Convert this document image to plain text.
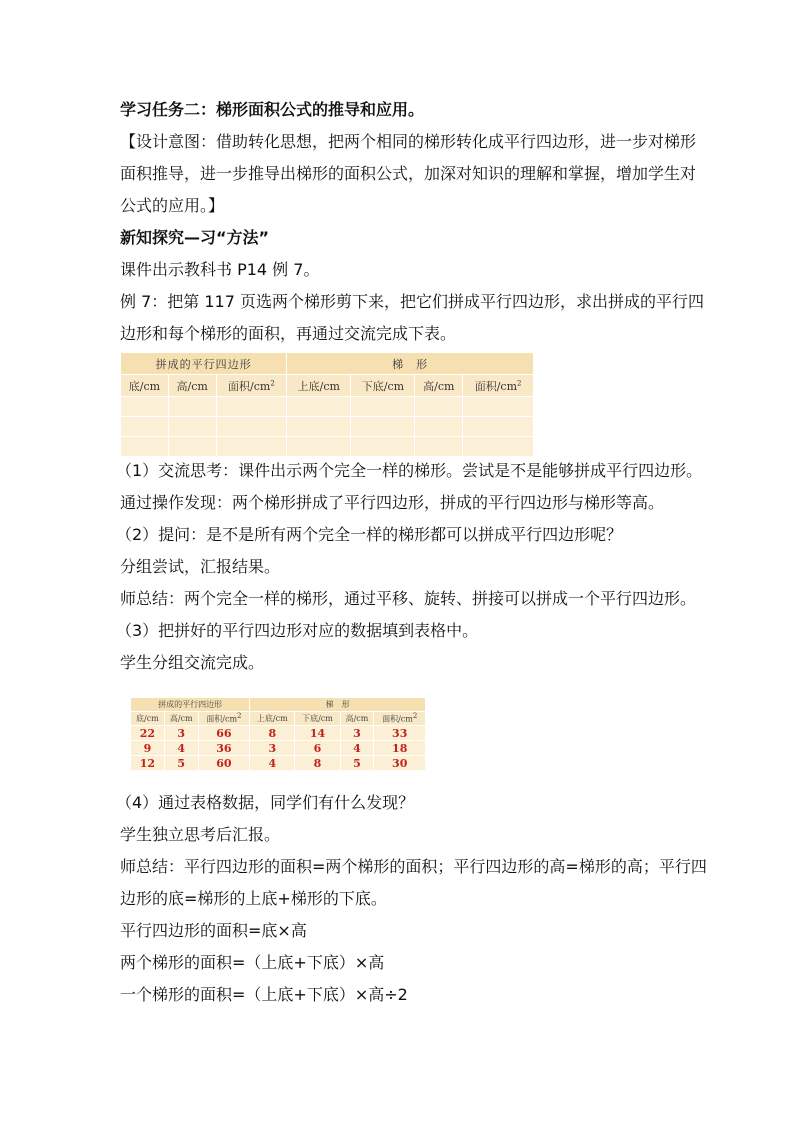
学习任务二：梯形面积公式的推导和应用。
【设计意图：借助转化思想，把两个相同的梯形转化成平行四边形，进一步对梯形面积推导，进一步推导出梯形的面积公式，加深对知识的理解和掌握，增加学生对公式的应用。】
新知探究—习“方法”
课件出示教科书 P14 例 7。
例 7：把第 117 页选两个梯形剪下来，把它们拼成平行四边形，求出拼成的平行四边形和每个梯形的面积，再通过交流完成下表。
拼成的平行四边形			梯　形			
底/cm	高/cm	面积$/cm^2$	上底/cm	下底/cm	高/cm	面积$/cm^2$

（1）交流思考：课件出示两个完全一样的梯形。尝试是不是能够拼成平行四边形。
通过操作发现：两个梯形拼成了平行四边形，拼成的平行四边形与梯形等高。
（2）提问：是不是所有两个完全一样的梯形都可以拼成平行四边形呢？
分组尝试，汇报结果。
师总结：两个完全一样的梯形，通过平移、旋转、拼接可以拼成一个平行四边形。
（3）把拼好的平行四边形对应的数据填到表格中。
学生分组交流完成。
拼成的平行四边形			梯　形			
底/cm	高/cm	面积$/cm^2$	上底/cm	下底/cm	高/cm	面积$/cm^2$
22	3	66	8	14	3	33
9	4	36	3	6	4	18
12	5	60	4	8	5	30
（4）通过表格数据，同学们有什么发现？
学生独立思考后汇报。
师总结：平行四边形的面积=两个梯形的面积；平行四边形的高=梯形的高；平行四边形的底=梯形的上底+梯形的下底。
平行四边形的面积=底×高
两个梯形的面积=（上底+下底）×高
一个梯形的面积=（上底+下底）×高÷2
